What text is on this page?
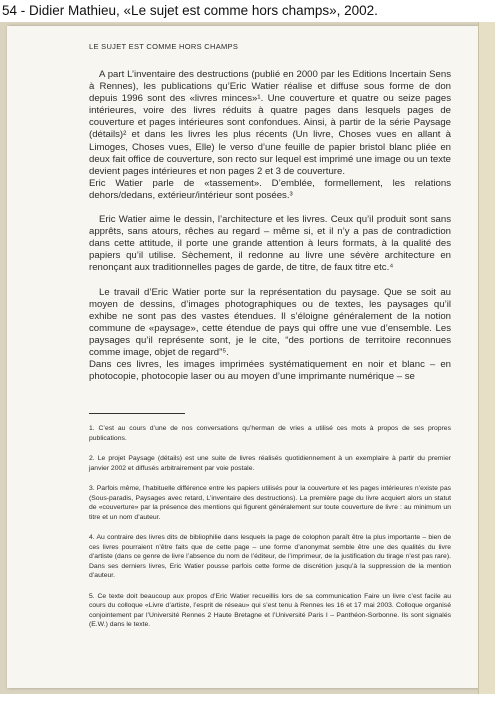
54 - Didier Mathieu, «Le sujet est comme hors champs», 2002.
LE SUJET EST COMME HORS CHAMPS

A part L’inventaire des destructions (publié en 2000 par les Editions Incertain Sens à Rennes), les publications qu’Eric Watier réalise et diffuse sous forme de don depuis 1996 sont des «livres minces»¹. Une couverture et quatre ou seize pages intérieures, voire des livres réduits à quatre pages dans lesquels pages de couverture et pages intérieures sont confondues. Ainsi, à partir de la série Paysage (détails)² et dans les livres les plus récents (Un livre, Choses vues en allant à Limoges, Choses vues, Elle) le verso d’une feuille de papier bristol blanc pliée en deux fait office de couverture, son recto sur lequel est imprimé une image ou un texte devient pages intérieures et non pages 2 et 3 de couverture.

Eric Watier parle de «tassement». D’emblée, formellement, les relations dehors/dedans, extérieur/intérieur sont posées.³

Eric Watier aime le dessin, l’architecture et les livres. Ceux qu’il produit sont sans apprêts, sans atours, rêches au regard – même si, et il n’y a pas de contradiction dans cette attitude, il porte une grande attention à leurs formats, à la qualité des papiers qu’il utilise. Sèchement, il redonne au livre une sévère architecture en renonçant aux traditionnelles pages de garde, de titre, de faux titre etc.⁴

Le travail d’Eric Watier porte sur la représentation du paysage. Que se soit au moyen de dessins, d’images photographiques ou de textes, les paysages qu’il exhibe ne sont pas des vastes étendues. Il s’éloigne généralement de la notion commune de «paysage», cette étendue de pays qui offre une vue d’ensemble. Les paysages qu’il représente sont, je le cite, “des portions de territoire reconnues comme image, objet de regard”⁵.

Dans ces livres, les images imprimées systématiquement en noir et blanc – en photocopie, photocopie laser ou au moyen d’une imprimante numérique – se

1. C’est au cours d’une de nos conversations qu’herman de vries a utilisé ces mots à propos de ses propres publications.

2. Le projet Paysage (détails) est une suite de livres réalisés quotidiennement à un exemplaire à partir du premier janvier 2002 et diffusés arbitrairement par voie postale.

3. Parfois même, l’habituelle différence entre les papiers utilisés pour la couverture et les pages intérieures n’existe pas (Sous-paradis, Paysages avec retard, L’inventaire des destructions). La première page du livre acquiert alors un statut de «couverture» par la présence des mentions qui figurent généralement sur toute couverture de livre : au minimum un titre et un nom d’auteur.

4. Au contraire des livres dits de bibliophilie dans lesquels la page de colophon paraît être la plus importante – bien de ces livres pourraient n’être faits que de cette page – une forme d’anonymat semble être une des qualités du livre d’artiste (dans ce genre de livre l’absence du nom de l’éditeur, de l’imprimeur, de la justification du tirage n’est pas rare). Dans ses derniers livres, Eric Watier pousse parfois cette forme de discrétion jusqu’à la suppression de la mention d’auteur.

5. Ce texte doit beaucoup aux propos d’Eric Watier recueillis lors de sa communication Faire un livre c’est facile au cours du colloque «Livre d’artiste, l’esprit de réseau» qui s’est tenu à Rennes les 16 et 17 mai 2003. Colloque organisé conjointement par l’Université Rennes 2 Haute Bretagne et l’Université Paris I – Panthéon-Sorbonne. Ils sont signalés (E.W.) dans le texte.
